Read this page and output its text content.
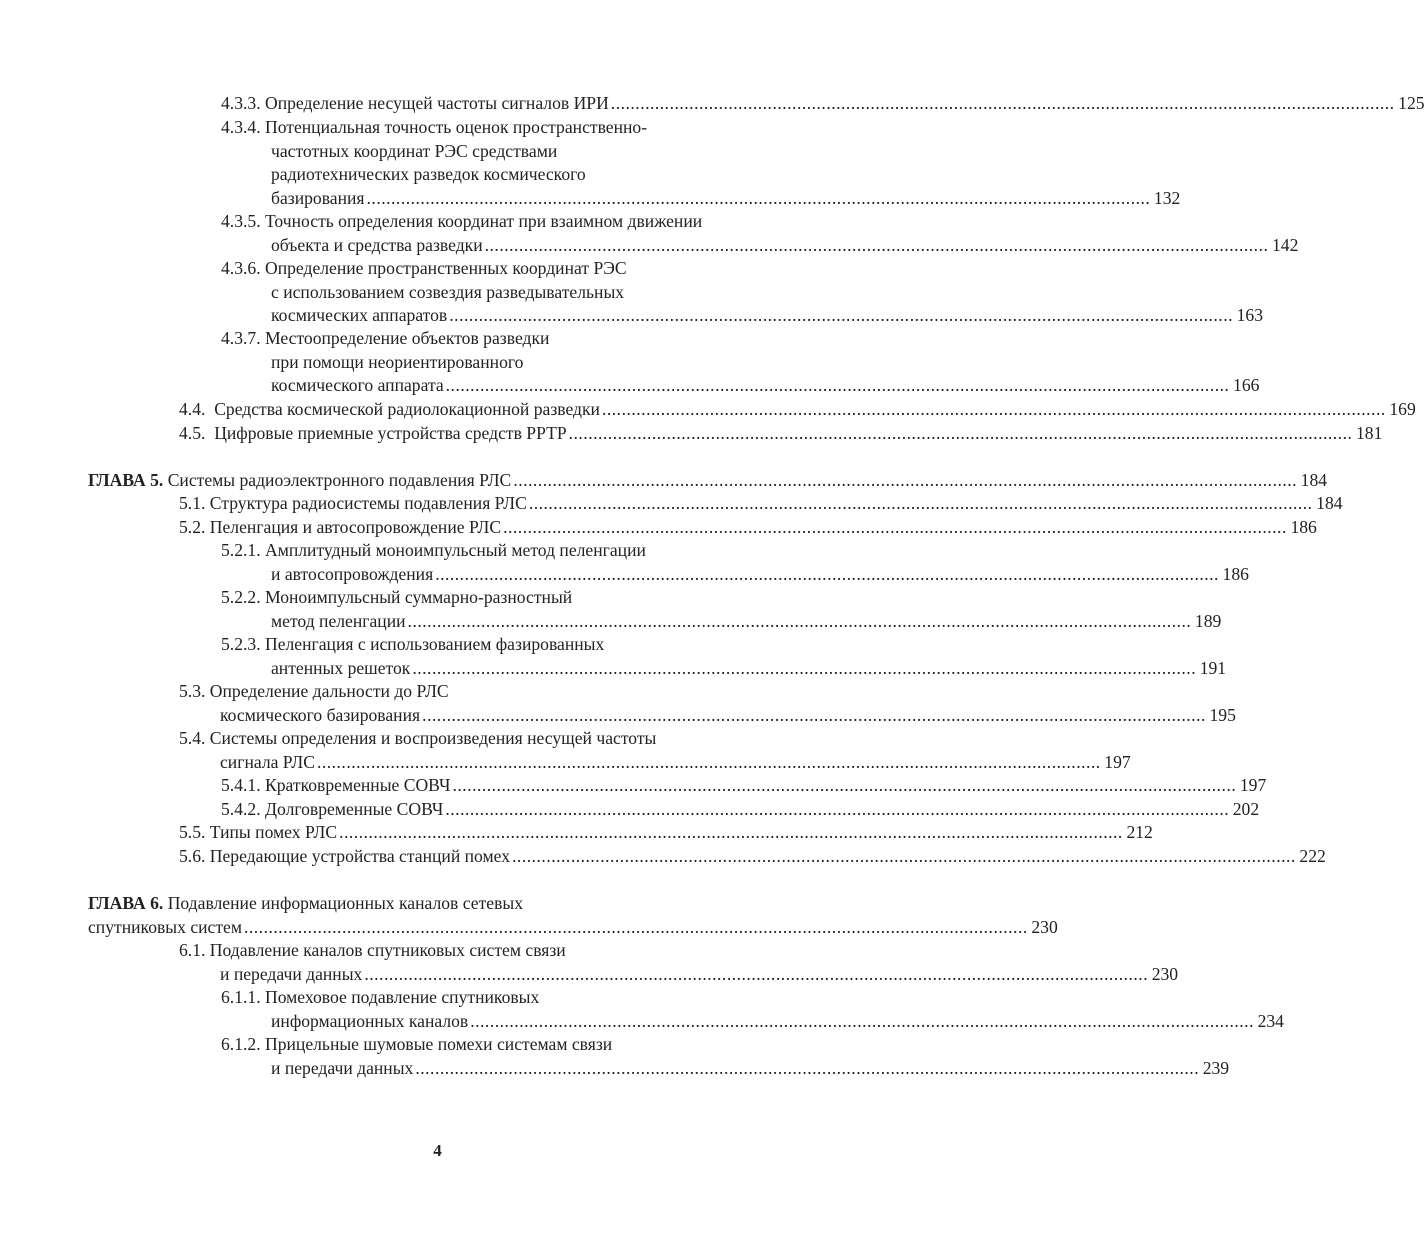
4.3.3. Определение несущей частоты сигналов ИРИ ................................................................................................................................................................ 125
4.3.4. Потенциальная точность оценок пространственно-
частотных координат РЭС средствами
радиотехнических разведок космического
базирования ................................................................................................................................................................ 132
4.3.5. Точность определения координат при взаимном движении
объекта и средства разведки ................................................................................................................................................................ 142
4.3.6. Определение пространственных координат РЭС
с использованием созвездия разведывательных
космических аппаратов ................................................................................................................................................................ 163
4.3.7. Местоопределение объектов разведки
при помощи неориентированного
космического аппарата ................................................................................................................................................................ 166
4.4. Средства космической радиолокационной разведки ................................................................................................................................................................ 169
4.5. Цифровые приемные устройства средств РРТР ................................................................................................................................................................ 181
ГЛАВА 5. Системы радиоэлектронного подавления РЛС ................................................................................................................................................................ 184
5.1. Структура радиосистемы подавления РЛС ................................................................................................................................................................ 184
5.2. Пеленгация и автосопровождение РЛС ................................................................................................................................................................ 186
5.2.1. Амплитудный моноимпульсный метод пеленгации
и автосопровождения ................................................................................................................................................................ 186
5.2.2. Моноимпульсный суммарно-разностный
метод пеленгации ................................................................................................................................................................ 189
5.2.3. Пеленгация с использованием фазированных
антенных решеток ................................................................................................................................................................ 191
5.3. Определение дальности до РЛС
космического базирования ................................................................................................................................................................ 195
5.4. Системы определения и воспроизведения несущей частоты
сигнала РЛС ................................................................................................................................................................ 197
5.4.1. Кратковременные СОВЧ ................................................................................................................................................................ 197
5.4.2. Долговременные СОВЧ ................................................................................................................................................................ 202
5.5. Типы помех РЛС ................................................................................................................................................................ 212
5.6. Передающие устройства станций помех ................................................................................................................................................................ 222
ГЛАВА 6. Подавление информационных каналов сетевых
спутниковых систем ................................................................................................................................................................ 230
6.1. Подавление каналов спутниковых систем связи
и передачи данных ................................................................................................................................................................ 230
6.1.1. Помеховое подавление спутниковых
информационных каналов ................................................................................................................................................................ 234
6.1.2. Прицельные шумовые помехи системам связи
и передачи данных ................................................................................................................................................................ 239
4
